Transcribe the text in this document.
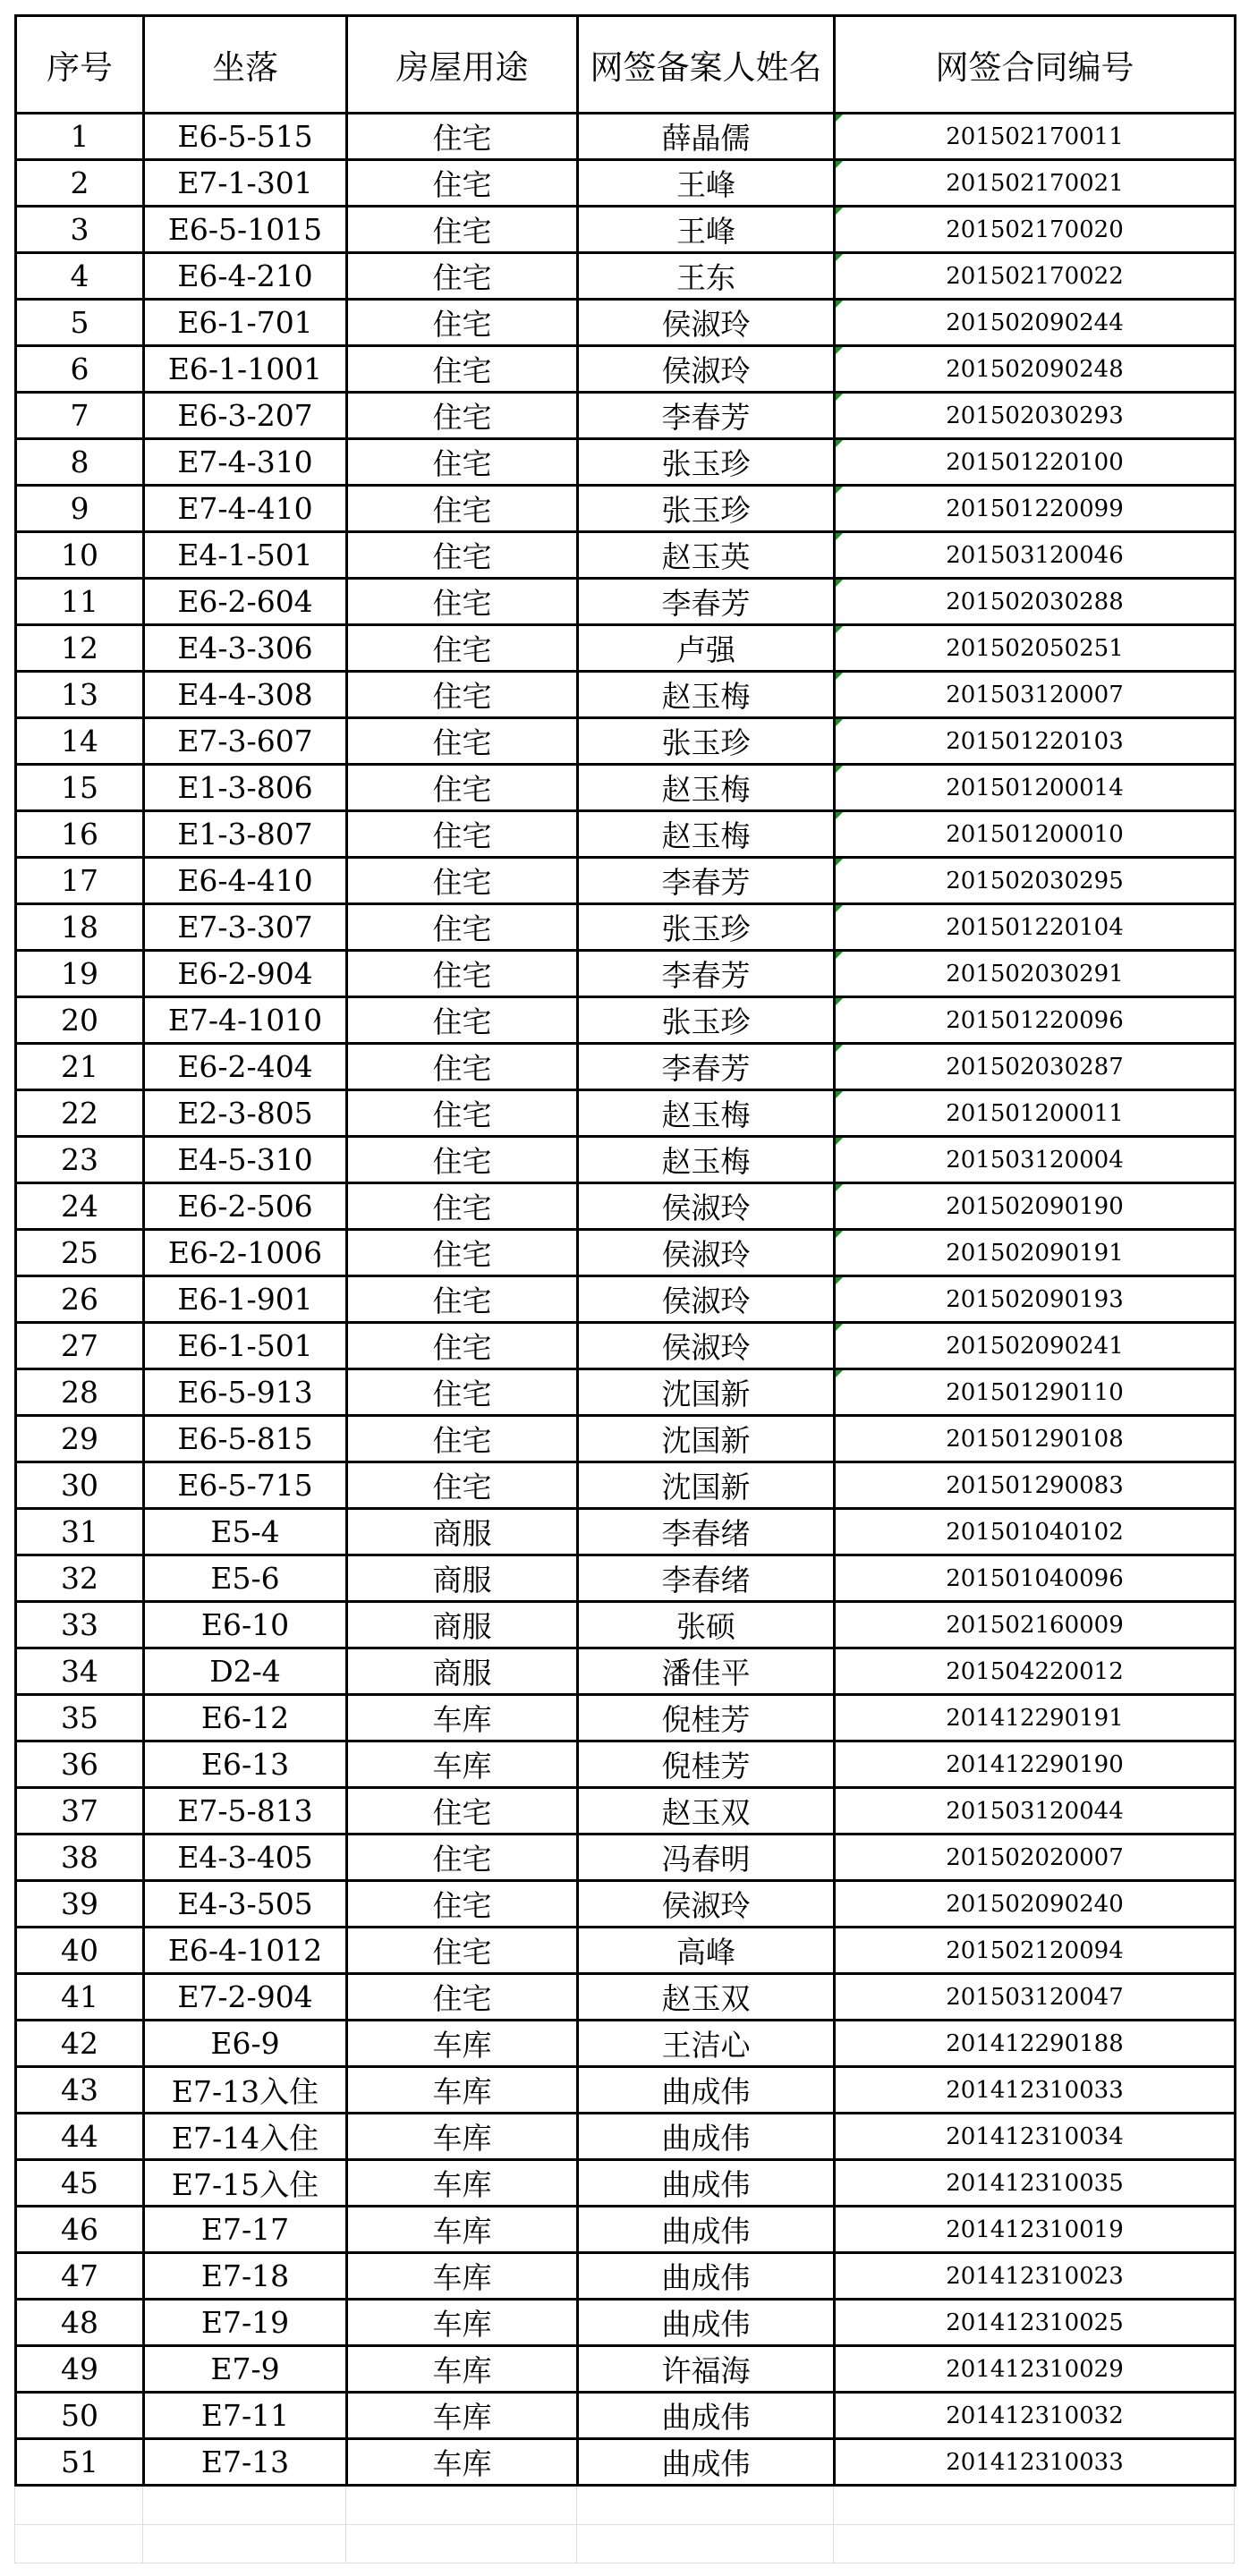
序号	坐落	房屋用途	网签备案人姓名	网签合同编号
1	E6-5-515	住宅	薛晶儒	201502170011

2	E7-1-301	住宅	王峰	201502170021

3	E6-5-1015	住宅	王峰	201502170020

4	E6-4-210	住宅	王东	201502170022

5	E6-1-701	住宅	侯淑玲	201502090244

6	E6-1-1001	住宅	侯淑玲	201502090248

7	E6-3-207	住宅	李春芳	201502030293

8	E7-4-310	住宅	张玉珍	201501220100

9	E7-4-410	住宅	张玉珍	201501220099

10	E4-1-501	住宅	赵玉英	201503120046

11	E6-2-604	住宅	李春芳	201502030288

12	E4-3-306	住宅	卢强	201502050251

13	E4-4-308	住宅	赵玉梅	201503120007

14	E7-3-607	住宅	张玉珍	201501220103

15	E1-3-806	住宅	赵玉梅	201501200014

16	E1-3-807	住宅	赵玉梅	201501200010

17	E6-4-410	住宅	李春芳	201502030295

18	E7-3-307	住宅	张玉珍	201501220104

19	E6-2-904	住宅	李春芳	201502030291

20	E7-4-1010	住宅	张玉珍	201501220096

21	E6-2-404	住宅	李春芳	201502030287

22	E2-3-805	住宅	赵玉梅	201501200011

23	E4-5-310	住宅	赵玉梅	201503120004

24	E6-2-506	住宅	侯淑玲	201502090190

25	E6-2-1006	住宅	侯淑玲	201502090191

26	E6-1-901	住宅	侯淑玲	201502090193

27	E6-1-501	住宅	侯淑玲	201502090241

28	E6-5-913	住宅	沈国新	201501290110

29	E6-5-815	住宅	沈国新	201501290108
30	E6-5-715	住宅	沈国新	201501290083
31	E5-4	商服	李春绪	201501040102
32	E5-6	商服	李春绪	201501040096
33	E6-10	商服	张硕	201502160009
34	D2-4	商服	潘佳平	201504220012
35	E6-12	车库	倪桂芳	201412290191
36	E6-13	车库	倪桂芳	201412290190
37	E7-5-813	住宅	赵玉双	201503120044
38	E4-3-405	住宅	冯春明	201502020007
39	E4-3-505	住宅	侯淑玲	201502090240
40	E6-4-1012	住宅	高峰	201502120094
41	E7-2-904	住宅	赵玉双	201503120047
42	E6-9	车库	王洁心	201412290188
43	E7-13入住	车库	曲成伟	201412310033
44	E7-14入住	车库	曲成伟	201412310034
45	E7-15入住	车库	曲成伟	201412310035
46	E7-17	车库	曲成伟	201412310019
47	E7-18	车库	曲成伟	201412310023
48	E7-19	车库	曲成伟	201412310025
49	E7-9	车库	许福海	201412310029
50	E7-11	车库	曲成伟	201412310032
51	E7-13	车库	曲成伟	201412310033
